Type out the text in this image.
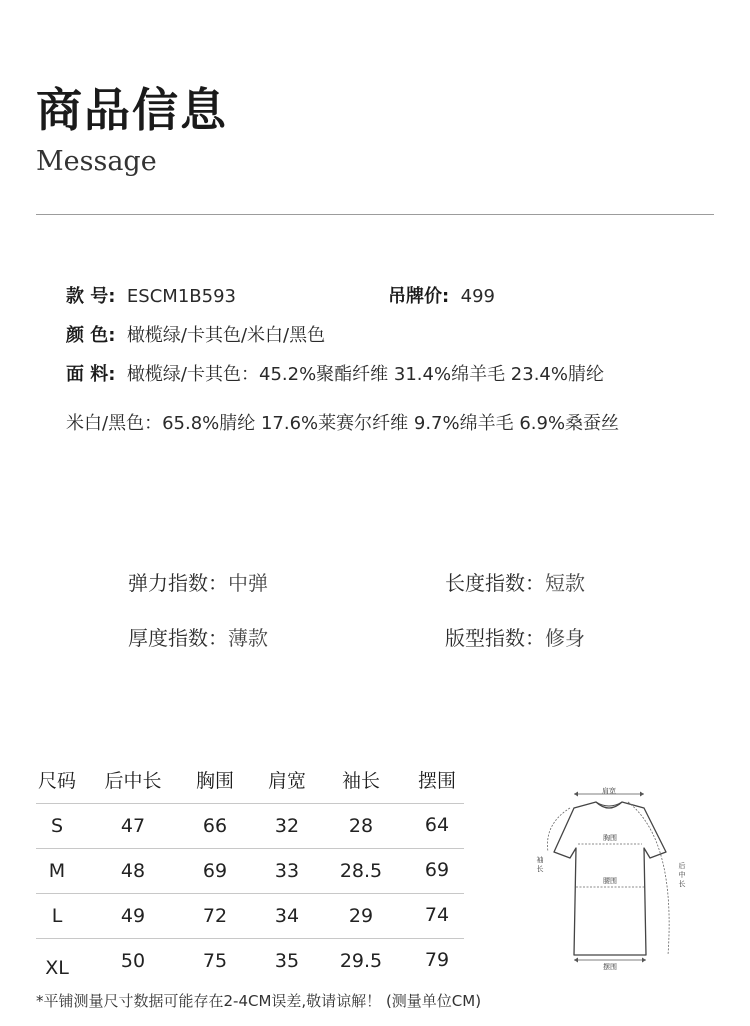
商品信息
Message
款 号: ESCM1B593	吊牌价: 499
颜 色: 橄榄绿/卡其色/米白/黑色
面 料: 橄榄绿/卡其色：45.2%聚酯纤维 31.4%绵羊毛 23.4%腈纶
米白/黑色：65.8%腈纶 17.6%莱赛尔纤维 9.7%绵羊毛 6.9%桑蚕丝
弹力指数：中弹	长度指数：短款
厚度指数：薄款	版型指数：修身
尺码	后中长	胸围	肩宽	袖长	摆围
S	47	66	32	28	64
M	48	69	33	28.5	69
L	49	72	34	29	74
XL	50	75	35	29.5	79
肩宽
胸围
腰围
摆围
袖
长	后
中
长
*平铺测量尺寸数据可能存在2-4CM误差,敬请谅解！ (测量单位CM)
